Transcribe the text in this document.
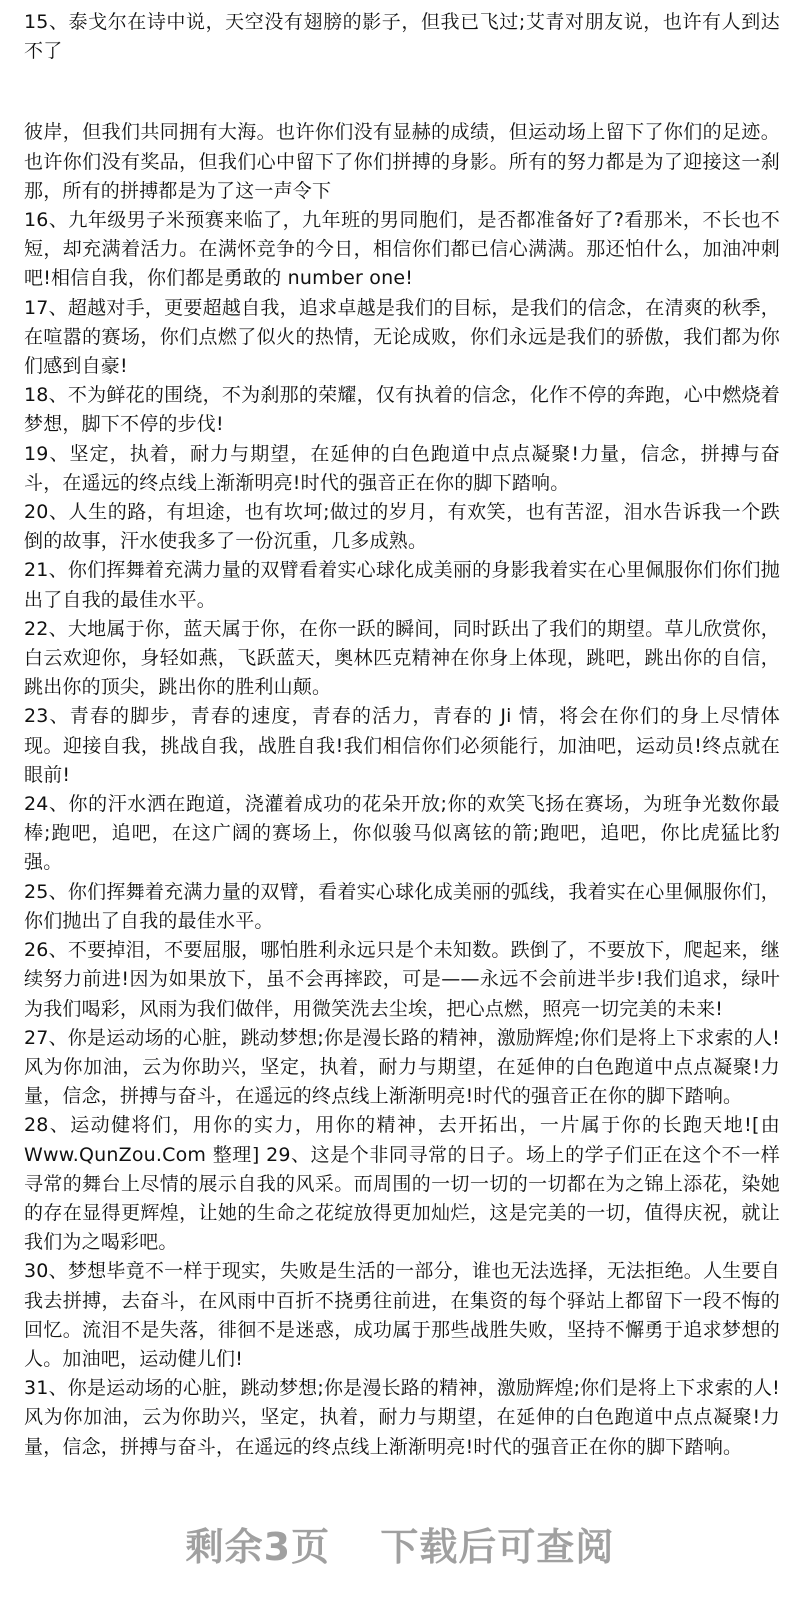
15、泰戈尔在诗中说，天空没有翅膀的影子，但我已飞过;艾青对朋友说，也许有人到达不了

彼岸，但我们共同拥有大海。也许你们没有显赫的成绩，但运动场上留下了你们的足迹。也许你们没有奖品，但我们心中留下了你们拼搏的身影。所有的努力都是为了迎接这一刹那，所有的拼搏都是为了这一声令下

16、九年级男子米预赛来临了，九年班的男同胞们，是否都准备好了?看那米，不长也不短，却充满着活力。在满怀竞争的今日，相信你们都已信心满满。那还怕什么，加油冲刺吧!相信自我，你们都是勇敢的 number one!

17、超越对手，更要超越自我，追求卓越是我们的目标，是我们的信念，在清爽的秋季，在喧嚣的赛场，你们点燃了似火的热情，无论成败，你们永远是我们的骄傲，我们都为你们感到自豪!

18、不为鲜花的围绕，不为刹那的荣耀，仅有执着的信念，化作不停的奔跑，心中燃烧着梦想，脚下不停的步伐!

19、坚定，执着，耐力与期望，在延伸的白色跑道中点点凝聚!力量，信念，拼搏与奋斗，在遥远的终点线上渐渐明亮!时代的强音正在你的脚下踏响。

20、人生的路，有坦途，也有坎坷;做过的岁月，有欢笑，也有苦涩，泪水告诉我一个跌倒的故事，汗水使我多了一份沉重，几多成熟。

21、你们挥舞着充满力量的双臂看着实心球化成美丽的身影我着实在心里佩服你们你们抛出了自我的最佳水平。

22、大地属于你，蓝天属于你，在你一跃的瞬间，同时跃出了我们的期望。草儿欣赏你，白云欢迎你，身轻如燕，飞跃蓝天，奥林匹克精神在你身上体现，跳吧，跳出你的自信，跳出你的顶尖，跳出你的胜利山颠。

23、青春的脚步，青春的速度，青春的活力，青春的 Ji 情，将会在你们的身上尽情体现。迎接自我，挑战自我，战胜自我!我们相信你们必须能行，加油吧，运动员!终点就在眼前!

24、你的汗水洒在跑道，浇灌着成功的花朵开放;你的欢笑飞扬在赛场，为班争光数你最棒;跑吧，追吧，在这广阔的赛场上，你似骏马似离铉的箭;跑吧，追吧，你比虎猛比豹强。

25、你们挥舞着充满力量的双臂，看着实心球化成美丽的弧线，我着实在心里佩服你们，你们抛出了自我的最佳水平。

26、不要掉泪，不要屈服，哪怕胜利永远只是个未知数。跌倒了，不要放下，爬起来，继续努力前进!因为如果放下，虽不会再摔跤，可是——永远不会前进半步!我们追求，绿叶为我们喝彩，风雨为我们做伴，用微笑洗去尘埃，把心点燃，照亮一切完美的未来!

27、你是运动场的心脏，跳动梦想;你是漫长路的精神，激励辉煌;你们是将上下求索的人!风为你加油，云为你助兴，坚定，执着，耐力与期望，在延伸的白色跑道中点点凝聚!力量，信念，拼搏与奋斗，在遥远的终点线上渐渐明亮!时代的强音正在你的脚下踏响。

28、运动健将们，用你的实力，用你的精神，去开拓出，一片属于你的长跑天地![由Www.QunZou.Com 整理] 29、这是个非同寻常的日子。场上的学子们正在这个不一样寻常的舞台上尽情的展示自我的风采。而周围的一切一切的一切都在为之锦上添花，染她的存在显得更辉煌，让她的生命之花绽放得更加灿烂，这是完美的一切，值得庆祝，就让我们为之喝彩吧。

30、梦想毕竟不一样于现实，失败是生活的一部分，谁也无法选择，无法拒绝。人生要自我去拼搏，去奋斗，在风雨中百折不挠勇往前进，在集资的每个驿站上都留下一段不悔的回忆。流泪不是失落，徘徊不是迷惑，成功属于那些战胜失败，坚持不懈勇于追求梦想的人。加油吧，运动健儿们!

31、你是运动场的心脏，跳动梦想;你是漫长路的精神，激励辉煌;你们是将上下求索的人!风为你加油，云为你助兴，坚定，执着，耐力与期望，在延伸的白色跑道中点点凝聚!力量，信念，拼搏与奋斗，在遥远的终点线上渐渐明亮!时代的强音正在你的脚下踏响。

剩余3页 下载后可查阅
